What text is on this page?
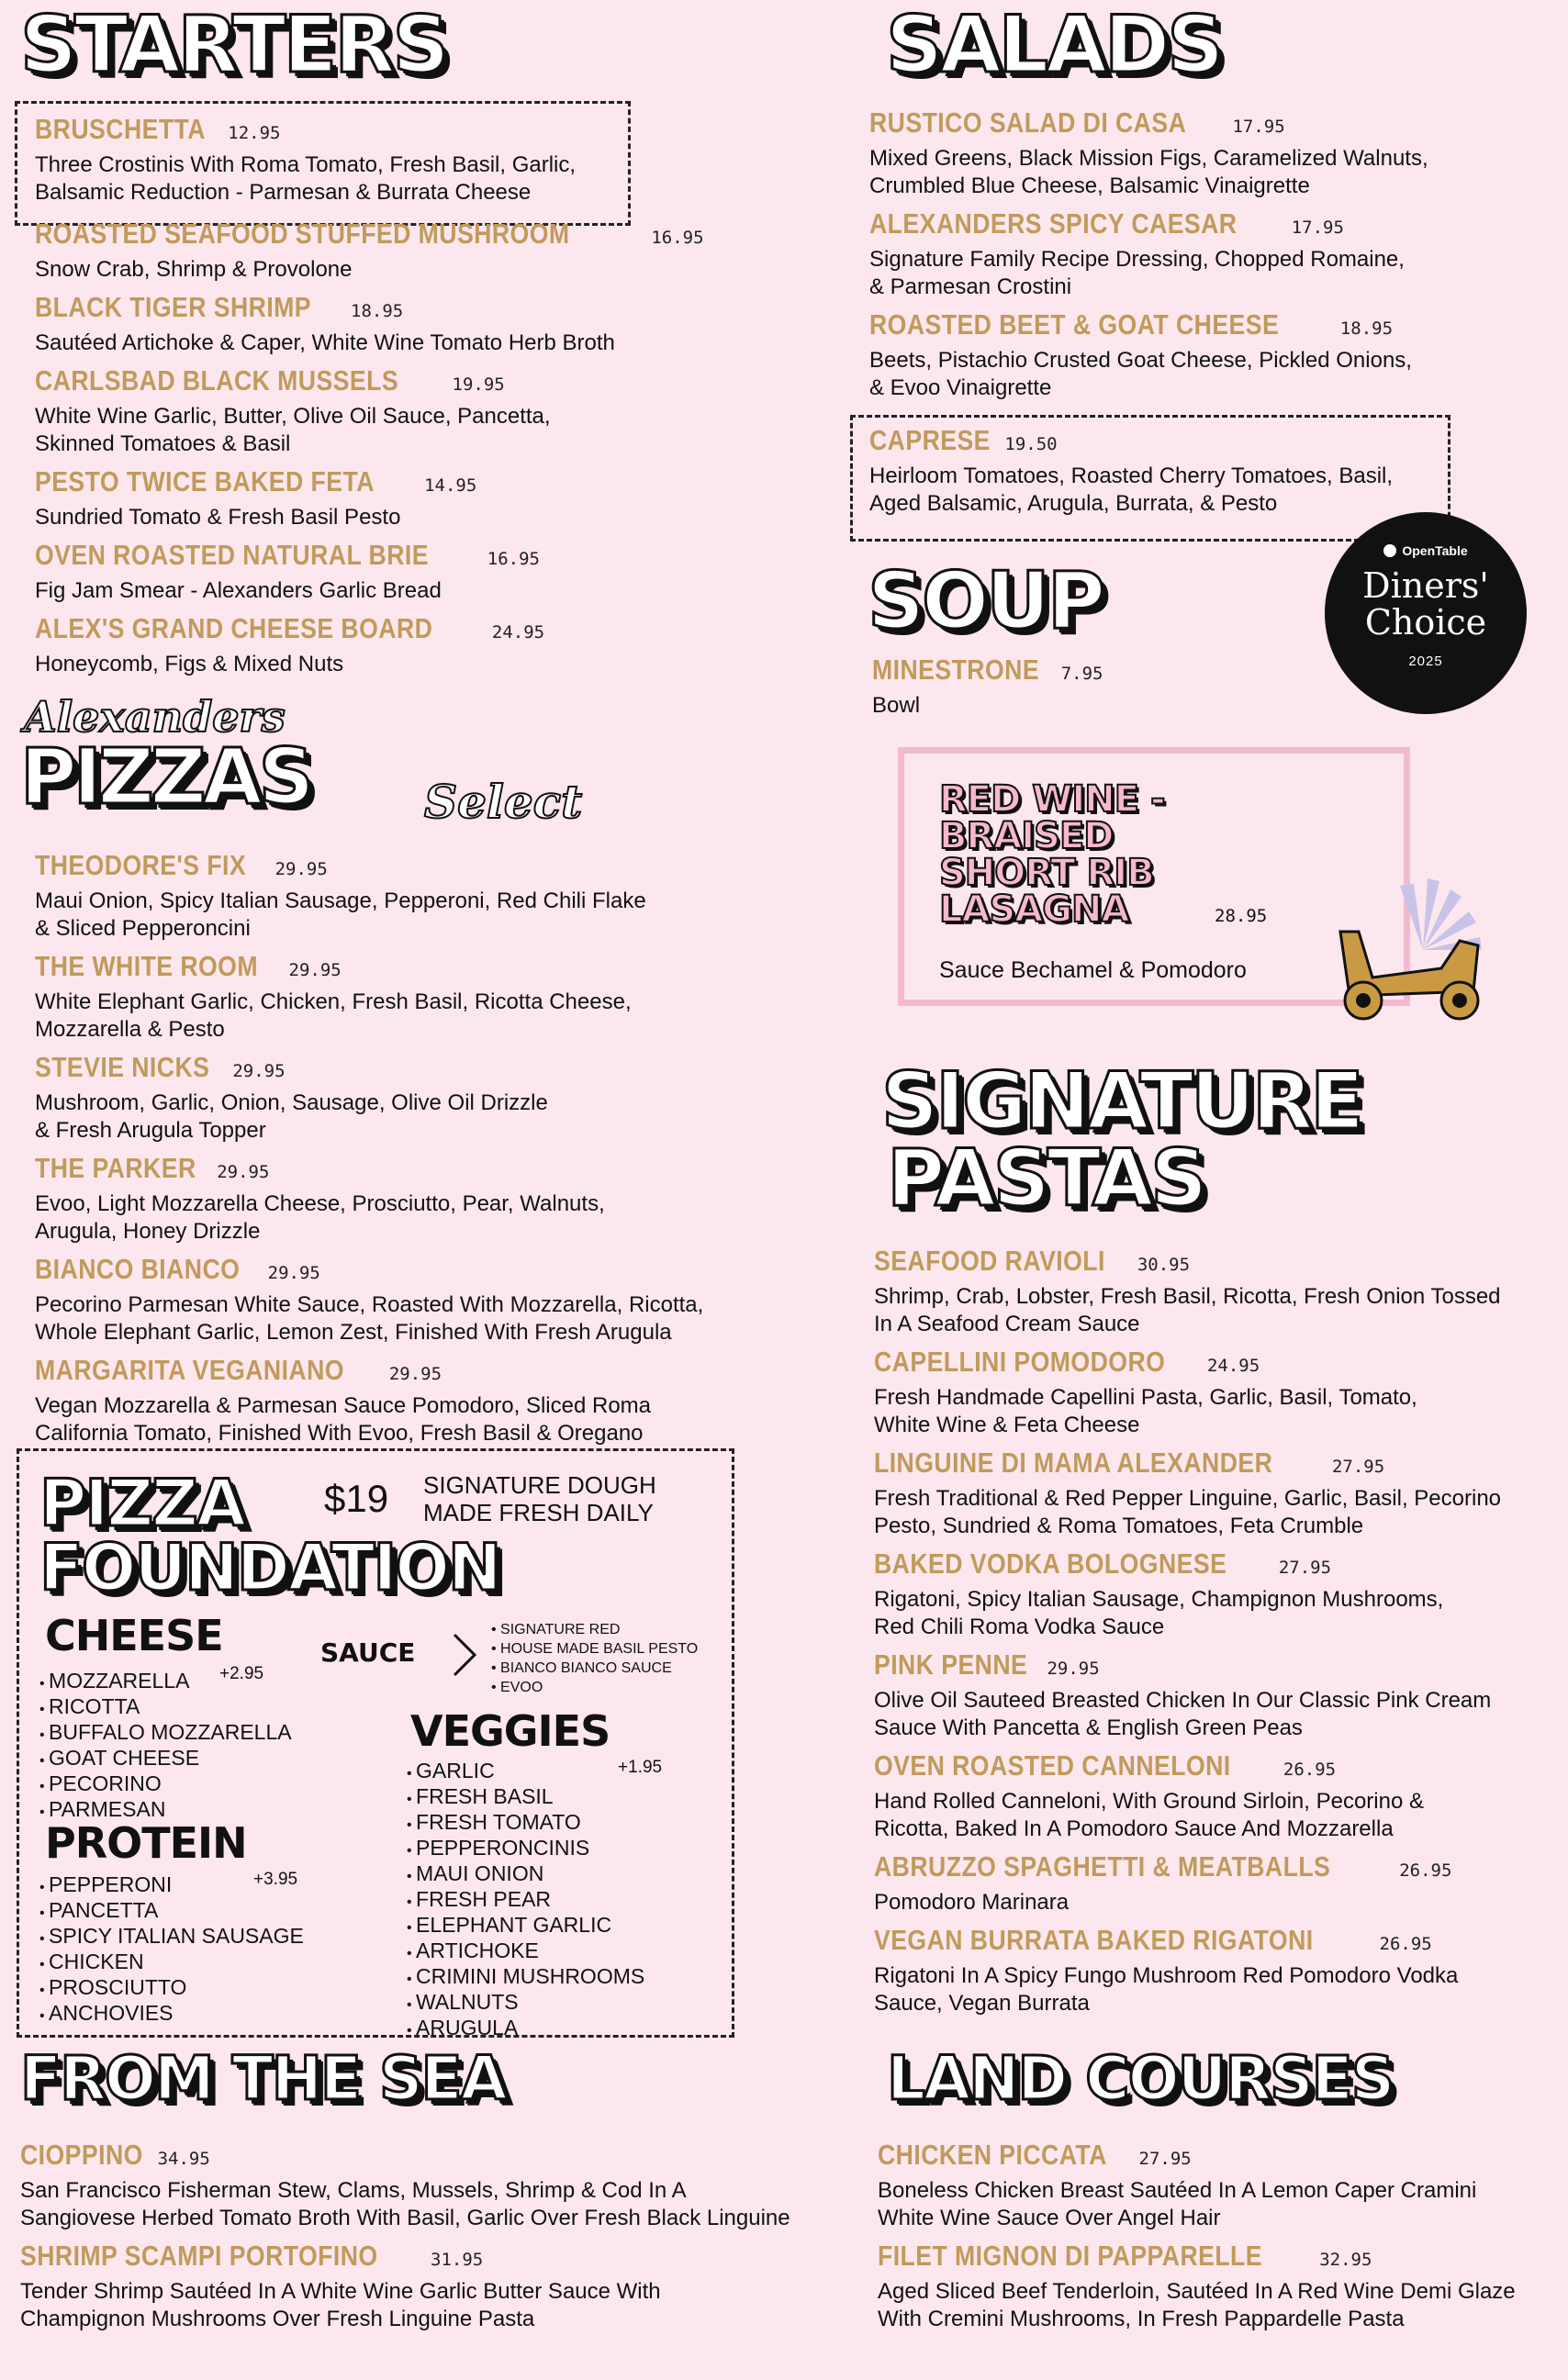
STARTERS
BRUSCHETTA 12.95
Three Crostinis With Roma Tomato, Fresh Basil, Garlic,
Balsamic Reduction - Parmesan & Burrata Cheese
ROASTED SEAFOOD STUFFED MUSHROOM	16.95
Snow Crab, Shrimp & Provolone
BLACK TIGER SHRIMP 18.95
Sautéed Artichoke & Caper, White Wine Tomato Herb Broth
CARLSBAD BLACK MUSSELS	19.95
White Wine Garlic, Butter, Olive Oil Sauce, Pancetta,
Skinned Tomatoes & Basil
PESTO TWICE BAKED FETA	14.95
Sundried Tomato & Fresh Basil Pesto
OVEN ROASTED NATURAL BRIE	16.95
Fig Jam Smear - Alexanders Garlic Bread
ALEX'S GRAND CHEESE BOARD	24.95
Honeycomb, Figs & Mixed Nuts
Alexanders
PIZZAS Select
THEODORE'S FIX 29.95
Maui Onion, Spicy Italian Sausage, Pepperoni, Red Chili Flake
& Sliced Pepperoncini
THE WHITE ROOM 29.95
White Elephant Garlic, Chicken, Fresh Basil, Ricotta Cheese,
Mozzarella & Pesto
STEVIE NICKS 29.95
Mushroom, Garlic, Onion, Sausage, Olive Oil Drizzle
& Fresh Arugula Topper
THE PARKER 29.95
Evoo, Light Mozzarella Cheese, Prosciutto, Pear, Walnuts,
Arugula, Honey Drizzle
BIANCO BIANCO 29.95
Pecorino Parmesan White Sauce, Roasted With Mozzarella, Ricotta,
Whole Elephant Garlic, Lemon Zest, Finished With Fresh Arugula
MARGARITA VEGANIANO	29.95
Vegan Mozzarella & Parmesan Sauce Pomodoro, Sliced Roma
California Tomato, Finished With Evoo, Fresh Basil & Oregano
PIZZA $19 SIGNATURE DOUGH
MADE FRESH DAILY
FOUNDATION
CHEESE
+2.95
• MOZZARELLA
• RICOTTA
• BUFFALO MOZZARELLA
• GOAT CHEESE
• PECORINO
• PARMESAN
SAUCE
• SIGNATURE RED
• HOUSE MADE BASIL PESTO
• BIANCO BIANCO SAUCE
• EVOO
VEGGIES
+1.95
• GARLIC
• FRESH BASIL
• FRESH TOMATO
• PEPPERONCINIS
• MAUI ONION
• FRESH PEAR
• ELEPHANT GARLIC
• ARTICHOKE
• CRIMINI MUSHROOMS
• WALNUTS
• ARUGULA
PROTEIN
+3.95
• PEPPERONI
• PANCETTA
• SPICY ITALIAN SAUSAGE
• CHICKEN
• PROSCIUTTO
• ANCHOVIES
FROM THE SEA
CIOPPINO 34.95
San Francisco Fisherman Stew, Clams, Mussels, Shrimp & Cod In A
Sangiovese Herbed Tomato Broth With Basil, Garlic Over Fresh Black Linguine
SHRIMP SCAMPI PORTOFINO	31.95
Tender Shrimp Sautéed In A White Wine Garlic Butter Sauce With
Champignon Mushrooms Over Fresh Linguine Pasta
SALADS
RUSTICO SALAD DI CASA	17.95
Mixed Greens, Black Mission Figs, Caramelized Walnuts,
Crumbled Blue Cheese, Balsamic Vinaigrette
ALEXANDERS SPICY CAESAR	17.95
Signature Family Recipe Dressing, Chopped Romaine,
& Parmesan Crostini
ROASTED BEET & GOAT CHEESE	18.95
Beets, Pistachio Crusted Goat Cheese, Pickled Onions,
& Evoo Vinaigrette
CAPRESE 19.50
Heirloom Tomatoes, Roasted Cherry Tomatoes, Basil,
Aged Balsamic, Arugula, Burrata, & Pesto
OpenTable
Diners'
Choice
2025
SOUP
MINESTRONE 7.95
Bowl
RED WINE -
BRAISED
SHORT RIB
LASAGNA	28.95
Sauce Bechamel & Pomodoro
SIGNATURE
PASTAS
SEAFOOD RAVIOLI 30.95
Shrimp, Crab, Lobster, Fresh Basil, Ricotta, Fresh Onion Tossed
In A Seafood Cream Sauce
CAPELLINI POMODORO 24.95
Fresh Handmade Capellini Pasta, Garlic, Basil, Tomato,
White Wine & Feta Cheese
LINGUINE DI MAMA ALEXANDER	27.95
Fresh Traditional & Red Pepper Linguine, Garlic, Basil, Pecorino
Pesto, Sundried & Roma Tomatoes, Feta Crumble
BAKED VODKA BOLOGNESE	27.95
Rigatoni, Spicy Italian Sausage, Champignon Mushrooms,
Red Chili Roma Vodka Sauce
PINK PENNE 29.95
Olive Oil Sauteed Breasted Chicken In Our Classic Pink Cream
Sauce With Pancetta & English Green Peas
OVEN ROASTED CANNELONI	26.95
Hand Rolled Canneloni, With Ground Sirloin, Pecorino &
Ricotta, Baked In A Pomodoro Sauce And Mozzarella
ABRUZZO SPAGHETTI & MEATBALLS	26.95
Pomodoro Marinara
VEGAN BURRATA BAKED RIGATONI	26.95
Rigatoni In A Spicy Fungo Mushroom Red Pomodoro Vodka
Sauce, Vegan Burrata
LAND COURSES
CHICKEN PICCATA 27.95
Boneless Chicken Breast Sautéed In A Lemon Caper Cramini
White Wine Sauce Over Angel Hair
FILET MIGNON DI PAPPARELLE	32.95
Aged Sliced Beef Tenderloin, Sautéed In A Red Wine Demi Glaze
With Cremini Mushrooms, In Fresh Pappardelle Pasta
